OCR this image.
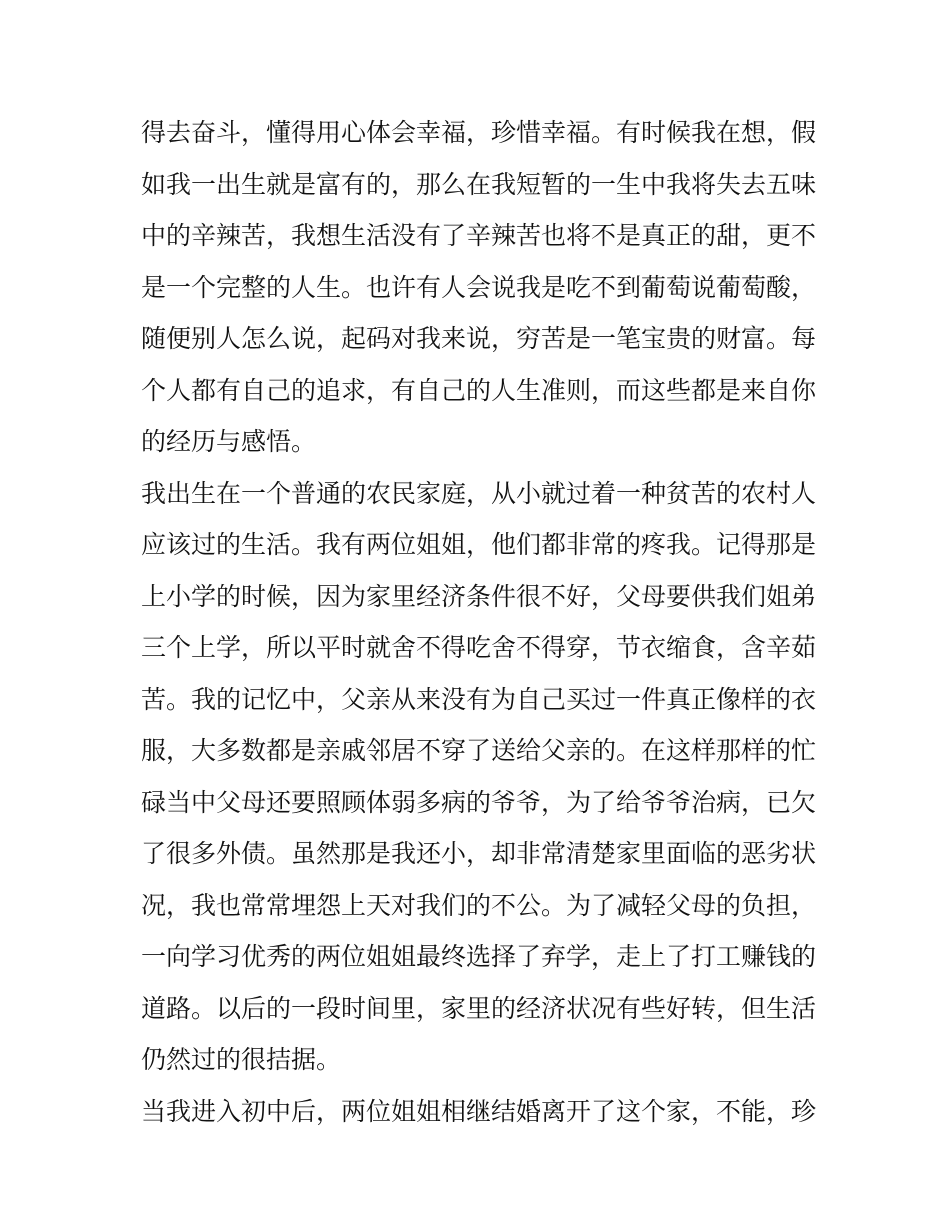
得去奋斗，懂得用心体会幸福，珍惜幸福。有时候我在想，假
如我一出生就是富有的，那么在我短暂的一生中我将失去五味
中的辛辣苦，我想生活没有了辛辣苦也将不是真正的甜，更不
是一个完整的人生。也许有人会说我是吃不到葡萄说葡萄酸，
随便别人怎么说，起码对我来说，穷苦是一笔宝贵的财富。每
个人都有自己的追求，有自己的人生准则，而这些都是来自你
的经历与感悟。

我出生在一个普通的农民家庭，从小就过着一种贫苦的农村人
应该过的生活。我有两位姐姐，他们都非常的疼我。记得那是
上小学的时候，因为家里经济条件很不好，父母要供我们姐弟
三个上学，所以平时就舍不得吃舍不得穿，节衣缩食，含辛茹
苦。我的记忆中，父亲从来没有为自己买过一件真正像样的衣
服，大多数都是亲戚邻居不穿了送给父亲的。在这样那样的忙
碌当中父母还要照顾体弱多病的爷爷，为了给爷爷治病，已欠
了很多外债。虽然那是我还小，却非常清楚家里面临的恶劣状
况，我也常常埋怨上天对我们的不公。为了减轻父母的负担，
一向学习优秀的两位姐姐最终选择了弃学，走上了打工赚钱的
道路。以后的一段时间里，家里的经济状况有些好转，但生活
仍然过的很拮据。

当我进入初中后，两位姐姐相继结婚离开了这个家，不能，珍
